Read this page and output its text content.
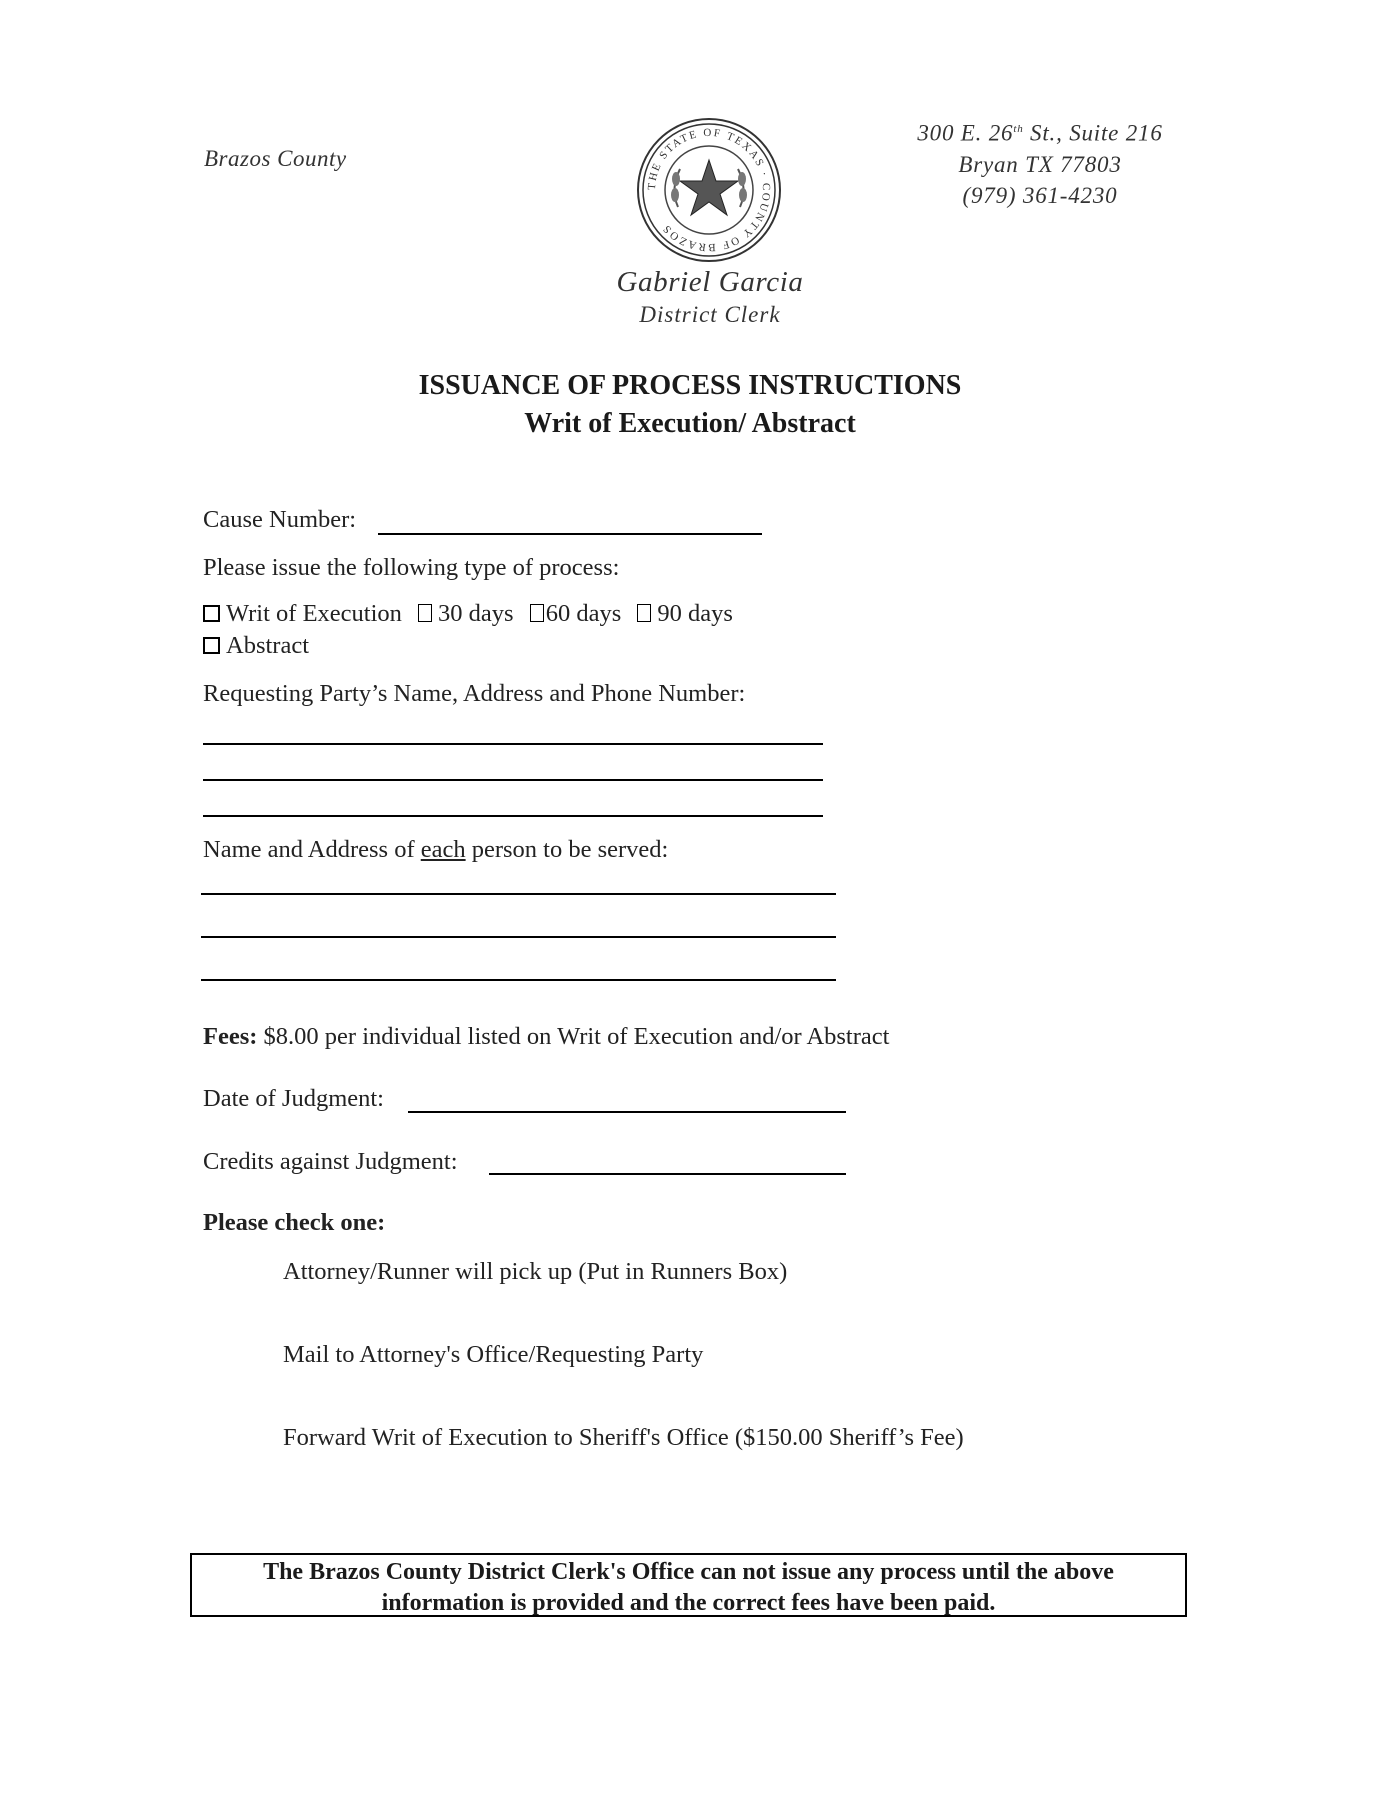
Brazos County
300 E. 26th St., Suite 216
Bryan TX 77803
(979) 361-4230
THE STATE OF TEXAS · COUNTY OF BRAZOS
Gabriel Garcia
District Clerk
ISSUANCE OF PROCESS INSTRUCTIONS
Writ of Execution/ Abstract
Cause Number:
Please issue the following type of process:
Writ of Execution 30 days 60 days 90 days
Abstract
Requesting Party’s Name, Address and Phone Number:
Name and Address of each person to be served:
Fees: $8.00 per individual listed on Writ of Execution and/or Abstract
Date of Judgment:
Credits against Judgment:
Please check one:
Attorney/Runner will pick up (Put in Runners Box)
Mail to Attorney's Office/Requesting Party
Forward Writ of Execution to Sheriff's Office ($150.00 Sheriff’s Fee)
The Brazos County District Clerk's Office can not issue any process until the above
information is provided and the correct fees have been paid.
